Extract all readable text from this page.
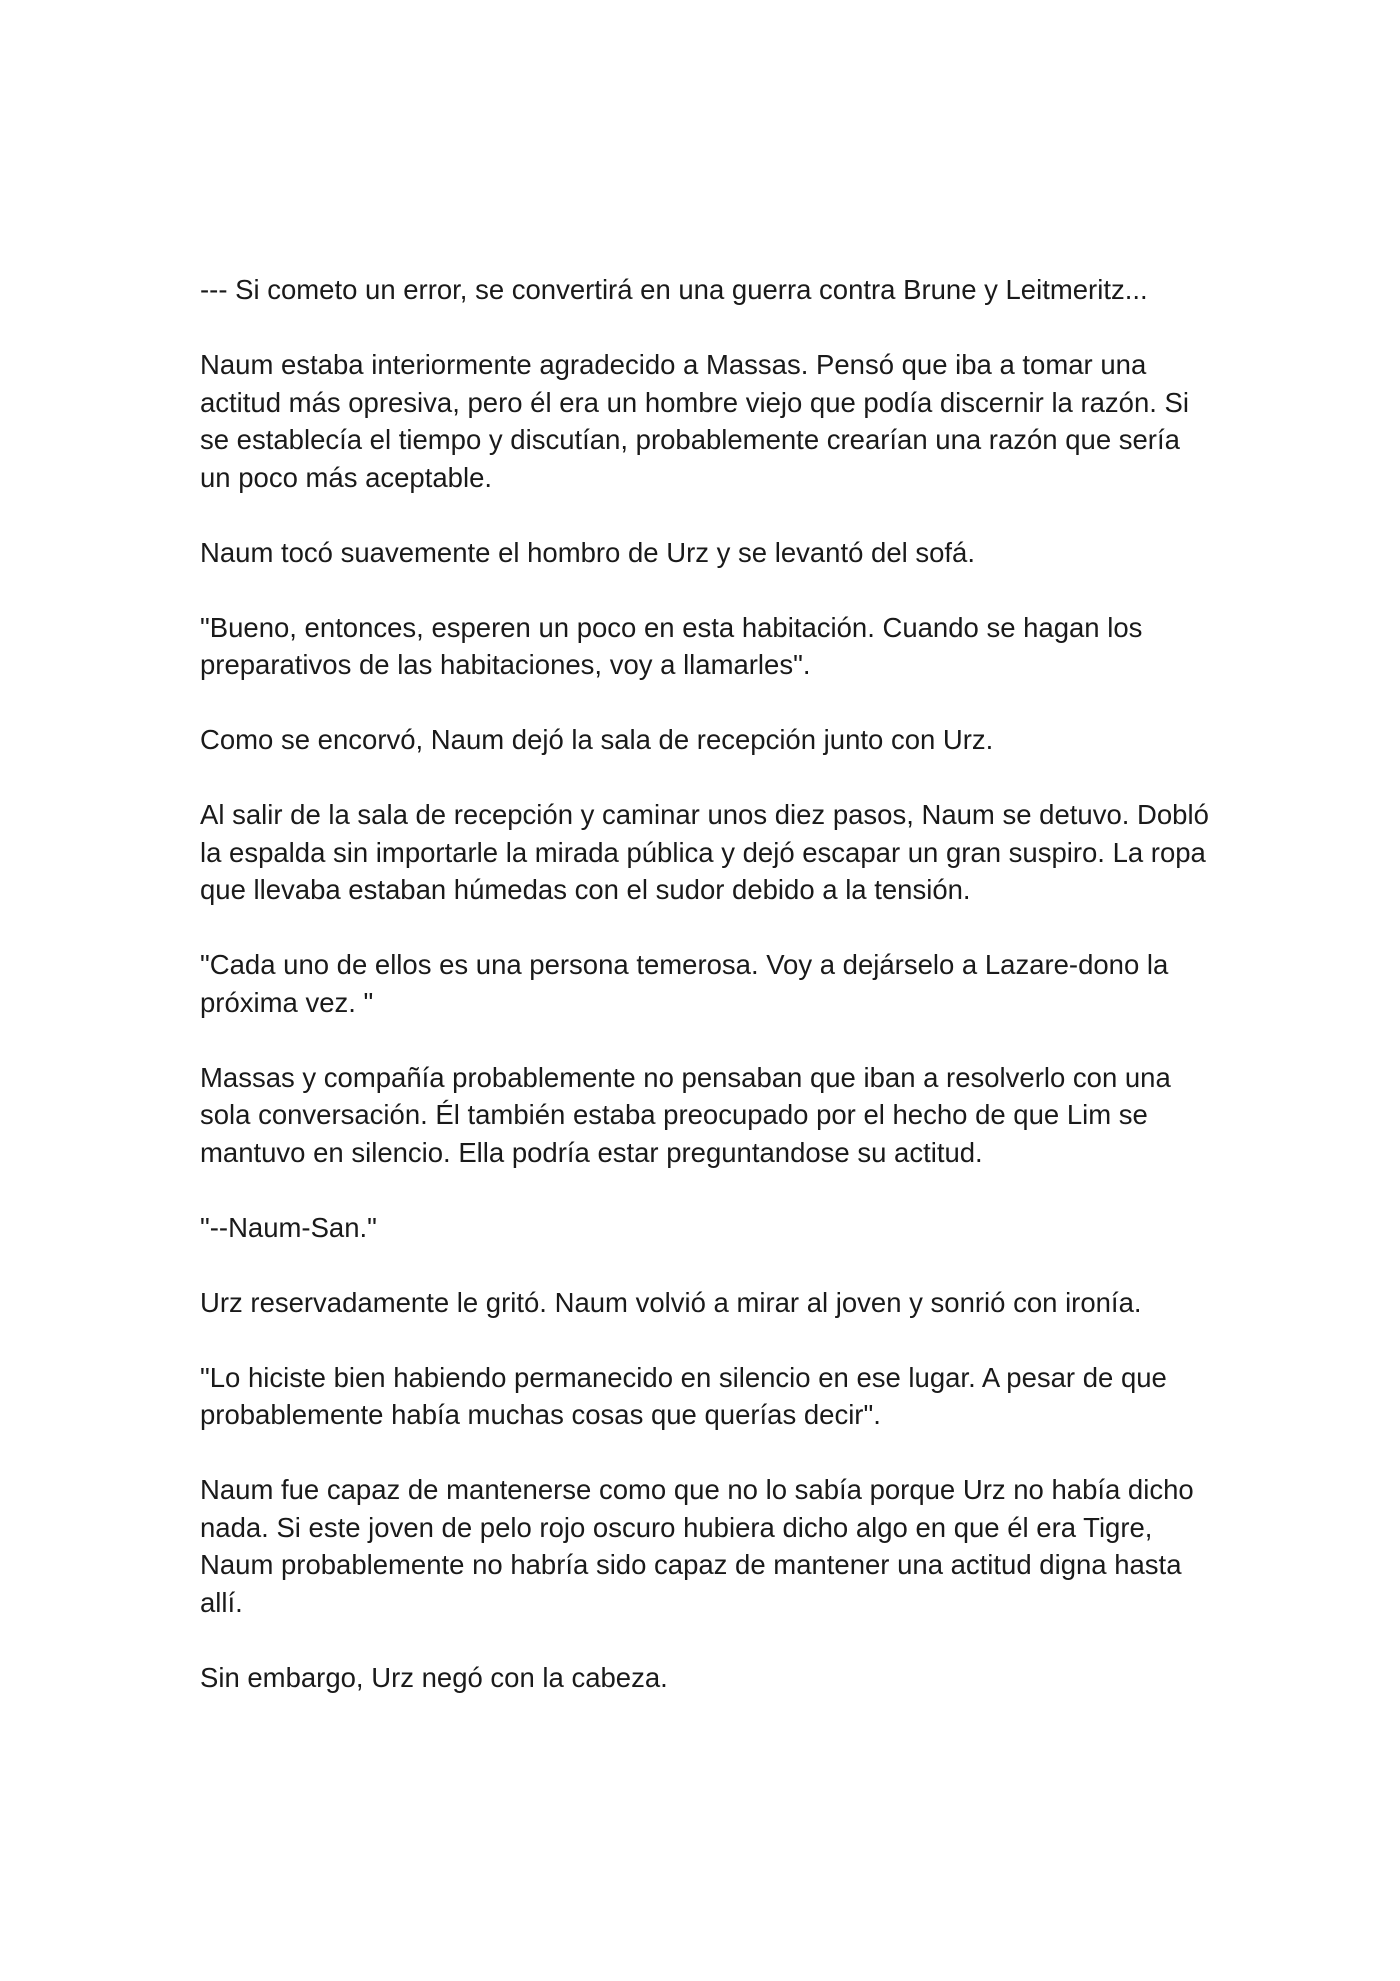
--- Si cometo un error, se convertirá en una guerra contra Brune y Leitmeritz...

Naum estaba interiormente agradecido a Massas. Pensó que iba a tomar una actitud más opresiva, pero él era un hombre viejo que podía discernir la razón. Si se establecía el tiempo y discutían, probablemente crearían una razón que sería un poco más aceptable.

Naum tocó suavemente el hombro de Urz y se levantó del sofá.

"Bueno, entonces, esperen un poco en esta habitación. Cuando se hagan los preparativos de las habitaciones, voy a llamarles".

Como se encorvó, Naum dejó la sala de recepción junto con Urz.

Al salir de la sala de recepción y caminar unos diez pasos, Naum se detuvo. Dobló la espalda sin importarle la mirada pública y dejó escapar un gran suspiro. La ropa que llevaba estaban húmedas con el sudor debido a la tensión.

"Cada uno de ellos es una persona temerosa. Voy a dejárselo a Lazare-dono la próxima vez. "

Massas y compañía probablemente no pensaban que iban a resolverlo con una sola conversación. Él también estaba preocupado por el hecho de que Lim se mantuvo en silencio. Ella podría estar preguntandose su actitud.

"--Naum-San."

Urz reservadamente le gritó. Naum volvió a mirar al joven y sonrió con ironía.

"Lo hiciste bien habiendo permanecido en silencio en ese lugar. A pesar de que probablemente había muchas cosas que querías decir".

Naum fue capaz de mantenerse como que no lo sabía porque Urz no había dicho nada. Si este joven de pelo rojo oscuro hubiera dicho algo en que él era Tigre, Naum probablemente no habría sido capaz de mantener una actitud digna hasta allí.

Sin embargo, Urz negó con la cabeza.
